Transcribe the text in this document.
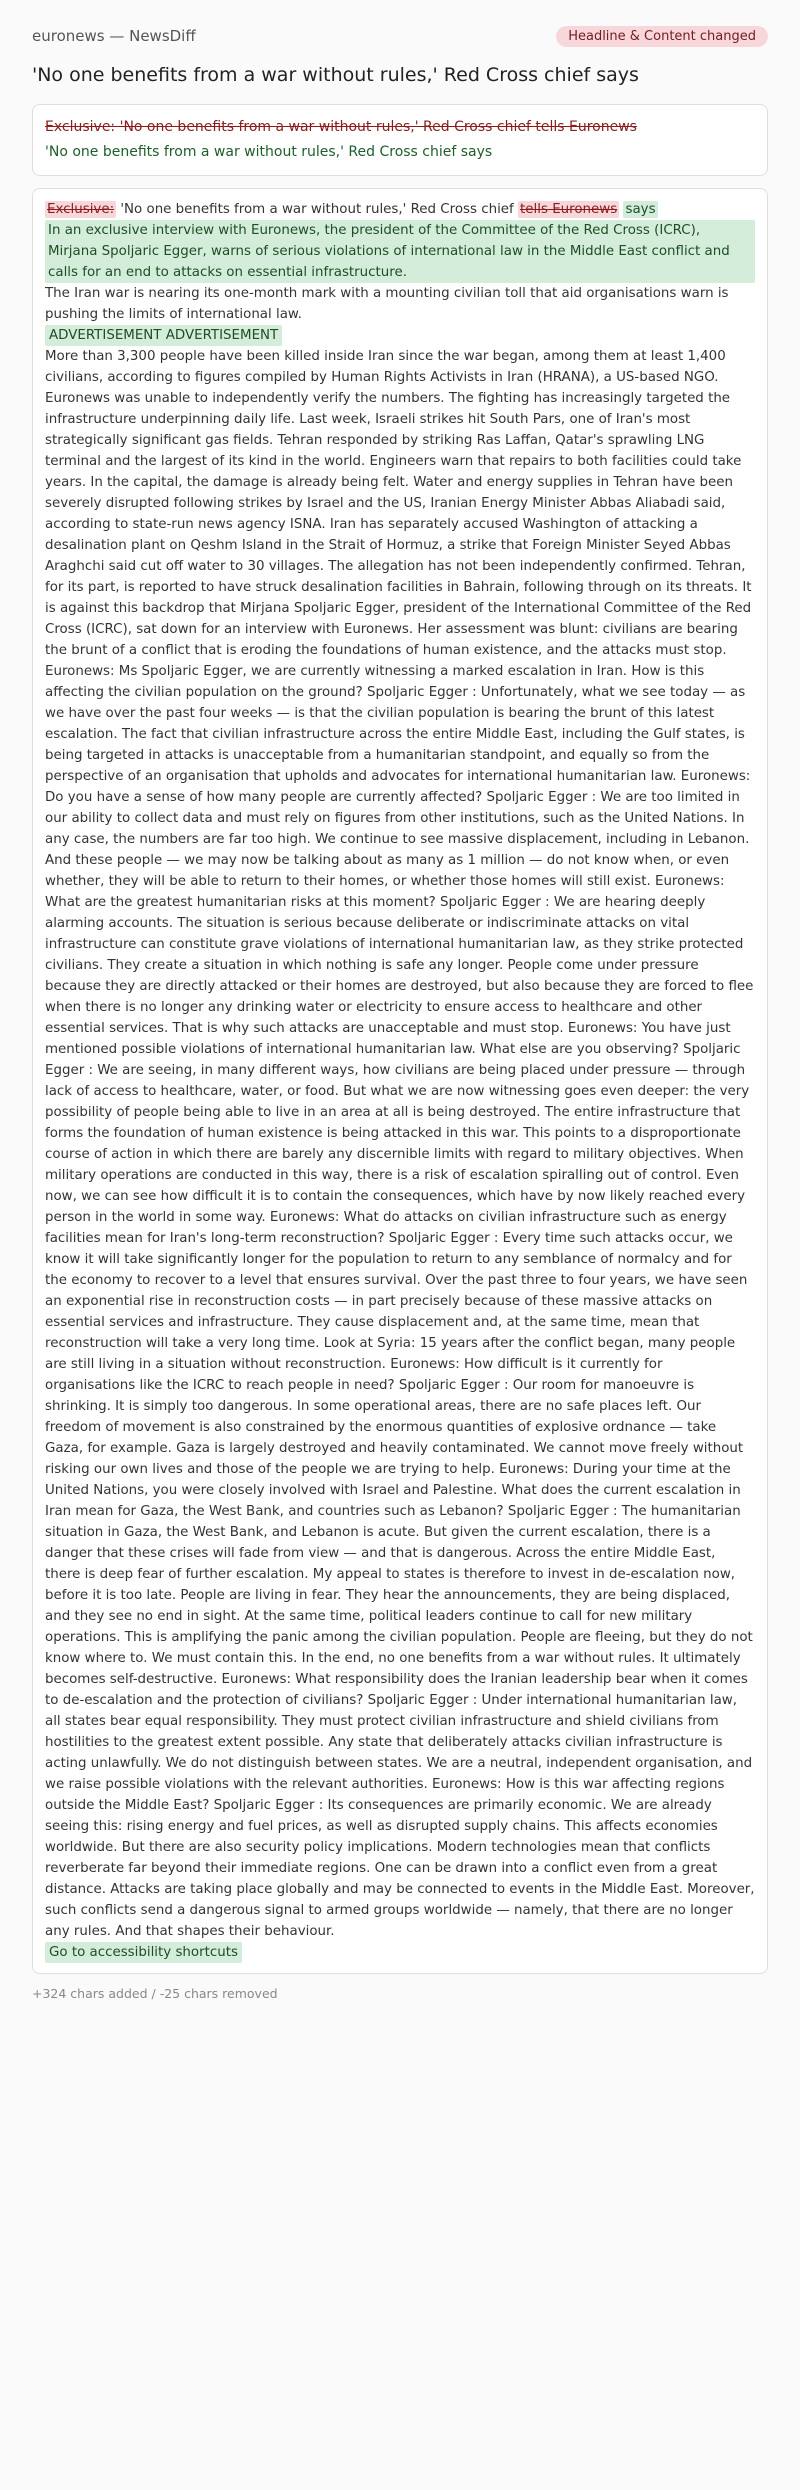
euronews — NewsDiff	Headline & Content changed
'No one benefits from a war without rules,' Red Cross chief says
Exclusive: 'No one benefits from a war without rules,' Red Cross chief tells Euronews
'No one benefits from a war without rules,' Red Cross chief says
Exclusive: 'No one benefits from a war without rules,' Red Cross chief tells Euronews says
In an exclusive interview with Euronews, the president of the Committee of the Red Cross (ICRC), Mirjana Spoljaric Egger, warns of serious violations of international law in the Middle East conflict and calls for an end to attacks on essential infrastructure.
The Iran war is nearing its one-month mark with a mounting civilian toll that aid organisations warn is pushing the limits of international law.
ADVERTISEMENT ADVERTISEMENT
More than 3,300 people have been killed inside Iran since the war began, among them at least 1,400 civilians, according to figures compiled by Human Rights Activists in Iran (HRANA), a US-based NGO. Euronews was unable to independently verify the numbers. The fighting has increasingly targeted the infrastructure underpinning daily life. Last week, Israeli strikes hit South Pars, one of Iran's most strategically significant gas fields. Tehran responded by striking Ras Laffan, Qatar's sprawling LNG terminal and the largest of its kind in the world. Engineers warn that repairs to both facilities could take years. In the capital, the damage is already being felt. Water and energy supplies in Tehran have been severely disrupted following strikes by Israel and the US, Iranian Energy Minister Abbas Aliabadi said, according to state-run news agency ISNA. Iran has separately accused Washington of attacking a desalination plant on Qeshm Island in the Strait of Hormuz, a strike that Foreign Minister Seyed Abbas Araghchi said cut off water to 30 villages. The allegation has not been independently confirmed. Tehran, for its part, is reported to have struck desalination facilities in Bahrain, following through on its threats. It is against this backdrop that Mirjana Spoljaric Egger, president of the International Committee of the Red Cross (ICRC), sat down for an interview with Euronews. Her assessment was blunt: civilians are bearing the brunt of a conflict that is eroding the foundations of human existence, and the attacks must stop. Euronews: Ms Spoljaric Egger, we are currently witnessing a marked escalation in Iran. How is this affecting the civilian population on the ground? Spoljaric Egger : Unfortunately, what we see today — as we have over the past four weeks — is that the civilian population is bearing the brunt of this latest escalation. The fact that civilian infrastructure across the entire Middle East, including the Gulf states, is being targeted in attacks is unacceptable from a humanitarian standpoint, and equally so from the perspective of an organisation that upholds and advocates for international humanitarian law. Euronews: Do you have a sense of how many people are currently affected? Spoljaric Egger : We are too limited in our ability to collect data and must rely on figures from other institutions, such as the United Nations. In any case, the numbers are far too high. We continue to see massive displacement, including in Lebanon. And these people — we may now be talking about as many as 1 million — do not know when, or even whether, they will be able to return to their homes, or whether those homes will still exist. Euronews: What are the greatest humanitarian risks at this moment? Spoljaric Egger : We are hearing deeply alarming accounts. The situation is serious because deliberate or indiscriminate attacks on vital infrastructure can constitute grave violations of international humanitarian law, as they strike protected civilians. They create a situation in which nothing is safe any longer. People come under pressure because they are directly attacked or their homes are destroyed, but also because they are forced to flee when there is no longer any drinking water or electricity to ensure access to healthcare and other essential services. That is why such attacks are unacceptable and must stop. Euronews: You have just mentioned possible violations of international humanitarian law. What else are you observing? Spoljaric Egger : We are seeing, in many different ways, how civilians are being placed under pressure — through lack of access to healthcare, water, or food. But what we are now witnessing goes even deeper: the very possibility of people being able to live in an area at all is being destroyed. The entire infrastructure that forms the foundation of human existence is being attacked in this war. This points to a disproportionate course of action in which there are barely any discernible limits with regard to military objectives. When military operations are conducted in this way, there is a risk of escalation spiralling out of control. Even now, we can see how difficult it is to contain the consequences, which have by now likely reached every person in the world in some way. Euronews: What do attacks on civilian infrastructure such as energy facilities mean for Iran's long-term reconstruction? Spoljaric Egger : Every time such attacks occur, we know it will take significantly longer for the population to return to any semblance of normalcy and for the economy to recover to a level that ensures survival. Over the past three to four years, we have seen an exponential rise in reconstruction costs — in part precisely because of these massive attacks on essential services and infrastructure. They cause displacement and, at the same time, mean that reconstruction will take a very long time. Look at Syria: 15 years after the conflict began, many people are still living in a situation without reconstruction. Euronews: How difficult is it currently for organisations like the ICRC to reach people in need? Spoljaric Egger : Our room for manoeuvre is shrinking. It is simply too dangerous. In some operational areas, there are no safe places left. Our freedom of movement is also constrained by the enormous quantities of explosive ordnance — take Gaza, for example. Gaza is largely destroyed and heavily contaminated. We cannot move freely without risking our own lives and those of the people we are trying to help. Euronews: During your time at the United Nations, you were closely involved with Israel and Palestine. What does the current escalation in Iran mean for Gaza, the West Bank, and countries such as Lebanon? Spoljaric Egger : The humanitarian situation in Gaza, the West Bank, and Lebanon is acute. But given the current escalation, there is a danger that these crises will fade from view — and that is dangerous. Across the entire Middle East, there is deep fear of further escalation. My appeal to states is therefore to invest in de-escalation now, before it is too late. People are living in fear. They hear the announcements, they are being displaced, and they see no end in sight. At the same time, political leaders continue to call for new military operations. This is amplifying the panic among the civilian population. People are fleeing, but they do not know where to. We must contain this. In the end, no one benefits from a war without rules. It ultimately becomes self-destructive. Euronews: What responsibility does the Iranian leadership bear when it comes to de-escalation and the protection of civilians? Spoljaric Egger : Under international humanitarian law, all states bear equal responsibility. They must protect civilian infrastructure and shield civilians from hostilities to the greatest extent possible. Any state that deliberately attacks civilian infrastructure is acting unlawfully. We do not distinguish between states. We are a neutral, independent organisation, and we raise possible violations with the relevant authorities. Euronews: How is this war affecting regions outside the Middle East? Spoljaric Egger : Its consequences are primarily economic. We are already seeing this: rising energy and fuel prices, as well as disrupted supply chains. This affects economies worldwide. But there are also security policy implications. Modern technologies mean that conflicts reverberate far beyond their immediate regions. One can be drawn into a conflict even from a great distance. Attacks are taking place globally and may be connected to events in the Middle East. Moreover, such conflicts send a dangerous signal to armed groups worldwide — namely, that there are no longer any rules. And that shapes their behaviour.
Go to accessibility shortcuts
+324 chars added / -25 chars removed
